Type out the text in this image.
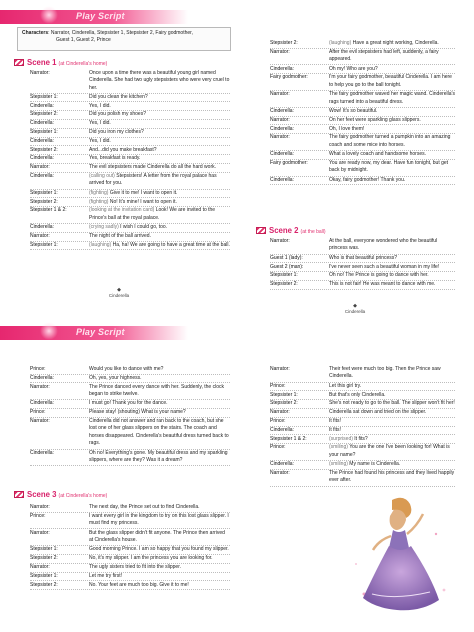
Play Script
Characters: Narrator, Cinderella, Stepsister 1, Stepsister 2, Fairy godmother,
Guest 1, Guest 2, Prince
Scene 1 (at Cinderella's home)
Narrator:	Once upon a time there was a beautiful young girl named Cinderella. She had two ugly stepsisters who were very cruel to her.
Stepsister 1:	Did you clean the kitchen?
Cinderella:	Yes, I did.
Stepsister 2:	Did you polish my shoes?
Cinderella:	Yes, I did.
Stepsister 1:	Did you iron my clothes?
Cinderella:	Yes, I did.
Stepsister 2:	And...did you make breakfast?
Cinderella:	Yes, breakfast is ready.
Narrator:	The evil stepsisters made Cinderella do all the hard work.
Cinderella:	(calling out) Stepsisters! A letter from the royal palace has arrived for you.
Stepsister 1:	(fighting) Give it to me! I want to open it.
Stepsister 2:	(fighting) No! It's mine! I want to open it.
Stepsister 1 & 2:	(looking at the invitation card) Look! We are invited to the Prince's ball at the royal palace.
Cinderella:	(crying sadly) I wish I could go, too.
Narrator:	The night of the ball arrived.
Stepsister 1:	(laughing) Ha, ha! We are going to have a great time at the ball.
Stepsister 2:	(laughing) Have a great night working, Cinderella.
Narrator:	After the evil stepsisters had left, suddenly, a fairy appeared.
Cinderella:	Oh my! Who are you?
Fairy godmother:	I'm your fairy godmother, beautiful Cinderella. I am here to help you go to the ball tonight.
Narrator:	The fairy godmother waved her magic wand. Cinderella's rags turned into a beautiful dress.
Cinderella:	Wow! It's so beautiful.
Narrator:	On her feet were sparkling glass slippers.
Cinderella:	Oh, I love them!
Narrator:	The fairy godmother turned a pumpkin into an amazing coach and some mice into horses.
Cinderella:	What a lovely coach and handsome horses.
Fairy godmother:	You are ready now, my dear. Have fun tonight, but get back by midnight.
Cinderella:	Okay, fairy godmother! Thank you.
Scene 2 (at the ball)
Narrator:	At the ball, everyone wondered who the beautiful princess was.
Guest 1 (lady):	Who is that beautiful princess?
Guest 2 (man):	I've never seen such a beautiful woman in my life!
Stepsister 1:	Oh no! The Prince is going to dance with her.
Stepsister 2:	This is not fair! He was meant to dance with me.
◆
Cinderella
◆
Cinderella
Play Script
Prince:	Would you like to dance with me?
Cinderella:	Oh, yes, your highness.
Narrator:	The Prince danced every dance with her. Suddenly, the clock began to strike twelve.
Cinderella:	I must go! Thank you for the dance.
Prince:	Please stay! (shouting) What is your name?
Narrator:	Cinderella did not answer and ran back to the coach, but she lost one of her glass slippers on the stairs. The coach and horses disappeared. Cinderella's beautiful dress turned back to rags.
Cinderella:	Oh no! Everything's gone. My beautiful dress and my sparkling slippers, where are they? Was it a dream?
Scene 3 (at Cinderella's home)
Narrator:	The next day, the Prince set out to find Cinderella.
Prince:	I want every girl in the kingdom to try on this lost glass slipper. I must find my princess.
Narrator:	But the glass slipper didn't fit anyone. The Prince then arrived at Cinderella's house.
Stepsister 1:	Good morning Prince. I am so happy that you found my slipper.
Stepsister 2:	No, it's my slipper. I am the princess you are looking for.
Narrator:	The ugly sisters tried to fit into the slipper.
Stepsister 1:	Let me try first!
Stepsister 2:	No. Your feet are much too big. Give it to me!
Narrator:	Their feet were much too big. Then the Prince saw Cinderella.
Prince:	Let this girl try.
Stepsister 1:	But that's only Cinderella.
Stepsister 2:	She's not ready to go to the ball. The slipper won't fit her!
Narrator:	Cinderella sat down and tried on the slipper.
Prince:	It fits!
Cinderella:	It fits!
Stepsister 1 & 2:	(surprised) It fits?
Prince:	(smiling) You are the one I've been looking for! What is your name?
Cinderella:	(smiling) My name is Cinderella.
Narrator:	The Prince had found his princess and they lived happily ever after.
